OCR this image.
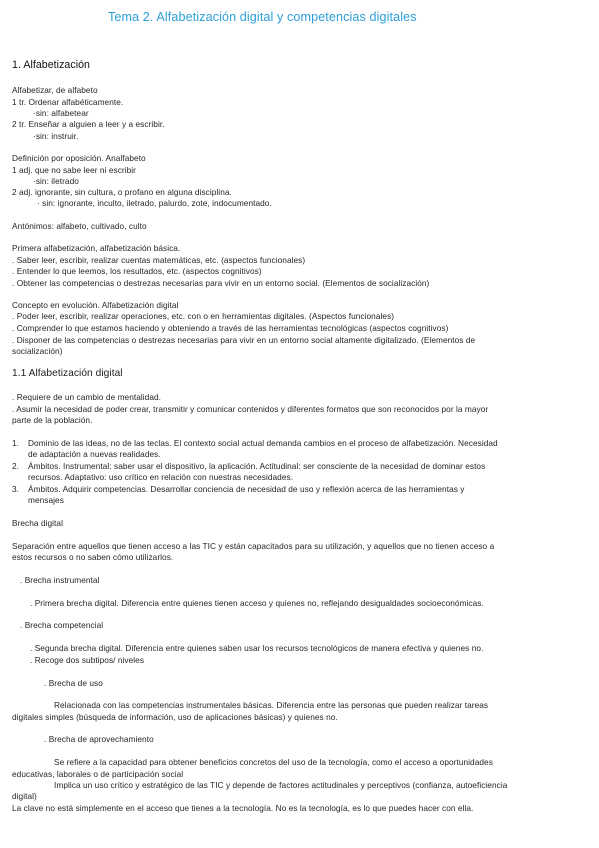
Tema 2. Alfabetización digital y competencias digitales
1. Alfabetización
Alfabetizar, de alfabeto
1 tr. Ordenar alfabéticamente.
·sin: alfabetear
2 tr. Enseñar a alguien a leer y a escribir.
·sin: instruir.
Definición por oposición. Analfabeto
1 adj. que no sabe leer ni escribir
·sin: iletrado
2 adj. ignorante, sin cultura, o profano en alguna disciplina.
· sin: ignorante, inculto, iletrado, palurdo, zote, indocumentado.
Antónimos: alfabeto, cultivado, culto
Primera alfabetización, alfabetización básica.
. Saber leer, escribir, realizar cuentas matemáticas, etc. (aspectos funcionales)
. Entender lo que leemos, los resultados, etc. (aspectos cognitivos)
. Obtener las competencias o destrezas necesarias para vivir en un entorno social. (Elementos de socialización)
Concepto en evolución. Alfabetización digital
. Poder leer, escribir, realizar operaciones, etc. con o en herramientas digitales. (Aspectos funcionales)
. Comprender lo que estamos haciendo y obteniendo a través de las herramientas tecnológicas (aspectos cognitivos)
. Disponer de las competencias o destrezas necesarias para vivir en un entorno social altamente digitalizado. (Elementos de
socialización)
1.1 Alfabetización digital
. Requiere de un cambio de mentalidad.
. Asumir la necesidad de poder crear, transmitir y comunicar contenidos y diferentes formatos que son reconocidos por la mayor
parte de la población.
1. Dominio de las ideas, no de las teclas. El contexto social actual demanda cambios en el proceso de alfabetización. Necesidad
de adaptación a nuevas realidades.
2. Ámbitos. Instrumental: saber usar el dispositivo, la aplicación. Actitudinal: ser consciente de la necesidad de dominar estos
recursos. Adaptativo: uso crítico en relación con nuestras necesidades.
3. Ámbitos. Adquirir competencias. Desarrollar conciencia de necesidad de uso y reflexión acerca de las herramientas y
mensajes
Brecha digital
Separación entre aquellos que tienen acceso a las TIC y están capacitados para su utilización, y aquellos que no tienen acceso a
estos recursos o no saben cómo utilizarlos.
. Brecha instrumental
. Primera brecha digital. Diferencia entre quienes tienen acceso y quienes no, reflejando desigualdades socioeconómicas.
. Brecha competencial
. Segunda brecha digital. Diferencia entre quienes saben usar los recursos tecnológicos de manera efectiva y quienes no.
. Recoge dos subtipos/ niveles
. Brecha de uso
Relacionada con las competencias instrumentales básicas. Diferencia entre las personas que pueden realizar tareas
digitales simples (búsqueda de información, uso de aplicaciones básicas) y quienes no.
. Brecha de aprovechamiento
Se refiere a la capacidad para obtener beneficios concretos del uso de la tecnología, como el acceso a oportunidades
educativas, laborales o de participación social
Implica un uso crítico y estratégico de las TIC y depende de factores actitudinales y perceptivos (confianza, autoeficiencia
digital)
La clave no está simplemente en el acceso que tienes a la tecnología. No es la tecnología, es lo que puedes hacer con ella.
